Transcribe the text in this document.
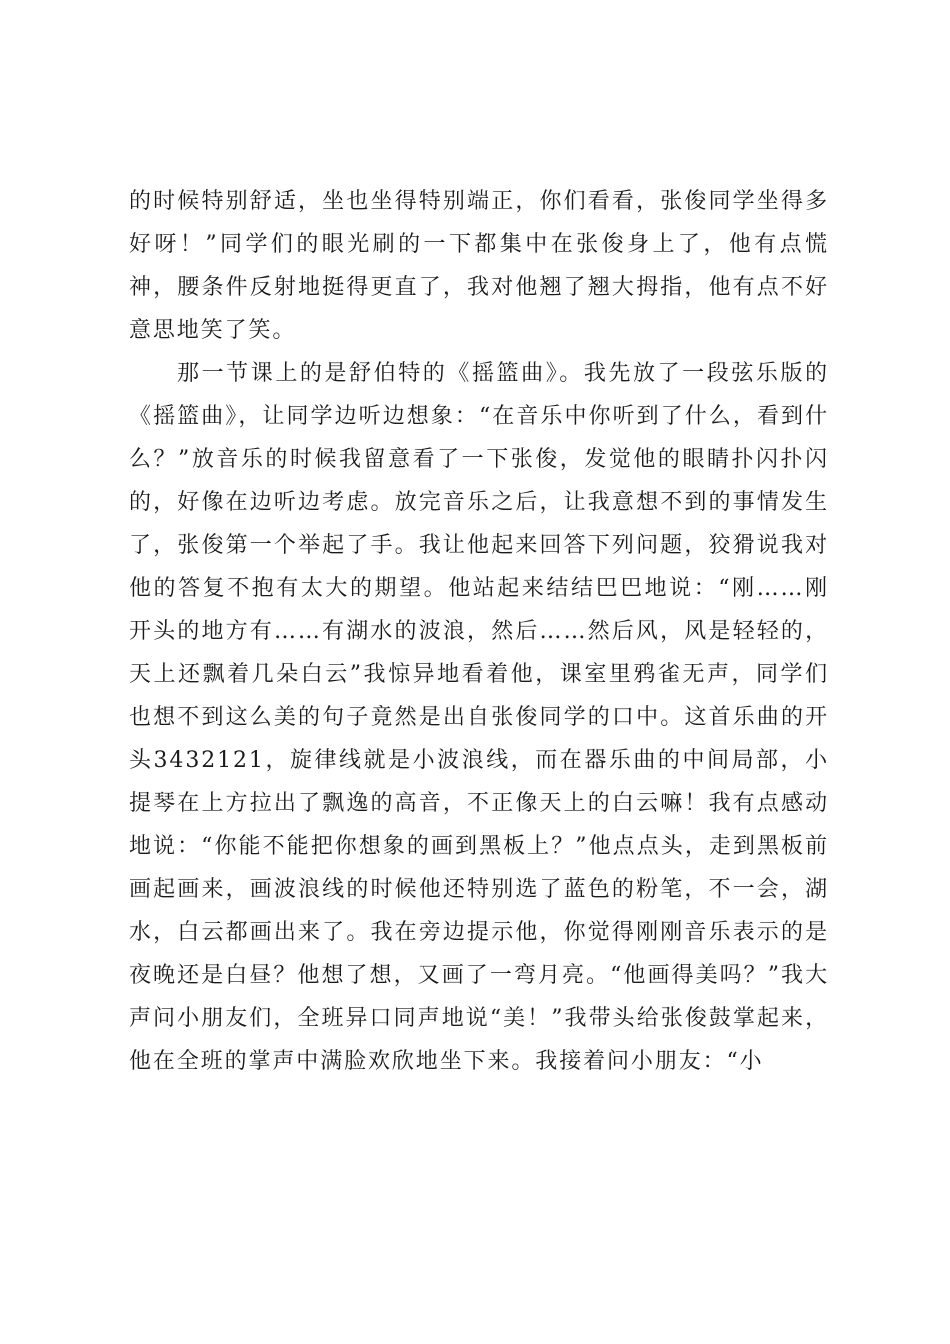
的时候特别舒适，坐也坐得特别端正，你们看看，张俊同学坐得多好呀！”同学们的眼光刷的一下都集中在张俊身上了，他有点慌神，腰条件反射地挺得更直了，我对他翘了翘大拇指，他有点不好意思地笑了笑。

那一节课上的是舒伯特的《摇篮曲》。我先放了一段弦乐版的《摇篮曲》，让同学边听边想象：“在音乐中你听到了什么，看到什么？”放音乐的时候我留意看了一下张俊，发觉他的眼睛扑闪扑闪的，好像在边听边考虑。放完音乐之后，让我意想不到的事情发生了，张俊第一个举起了手。我让他起来回答下列问题，狡猾说我对他的答复不抱有太大的期望。他站起来结结巴巴地说：“刚……刚开头的地方有……有湖水的波浪，然后……然后风，风是轻轻的，天上还飘着几朵白云”我惊异地看着他，课室里鸦雀无声，同学们也想不到这么美的句子竟然是出自张俊同学的口中。这首乐曲的开头3432121，旋律线就是小波浪线，而在器乐曲的中间局部，小提琴在上方拉出了飘逸的高音，不正像天上的白云嘛！我有点感动地说：“你能不能把你想象的画到黑板上？”他点点头，走到黑板前画起画来，画波浪线的时候他还特别选了蓝色的粉笔，不一会，湖水，白云都画出来了。我在旁边提示他，你觉得刚刚音乐表示的是夜晚还是白昼？他想了想，又画了一弯月亮。“他画得美吗？”我大声问小朋友们，全班异口同声地说“美！”我带头给张俊鼓掌起来，他在全班的掌声中满脸欢欣地坐下来。我接着问小朋友：“小
